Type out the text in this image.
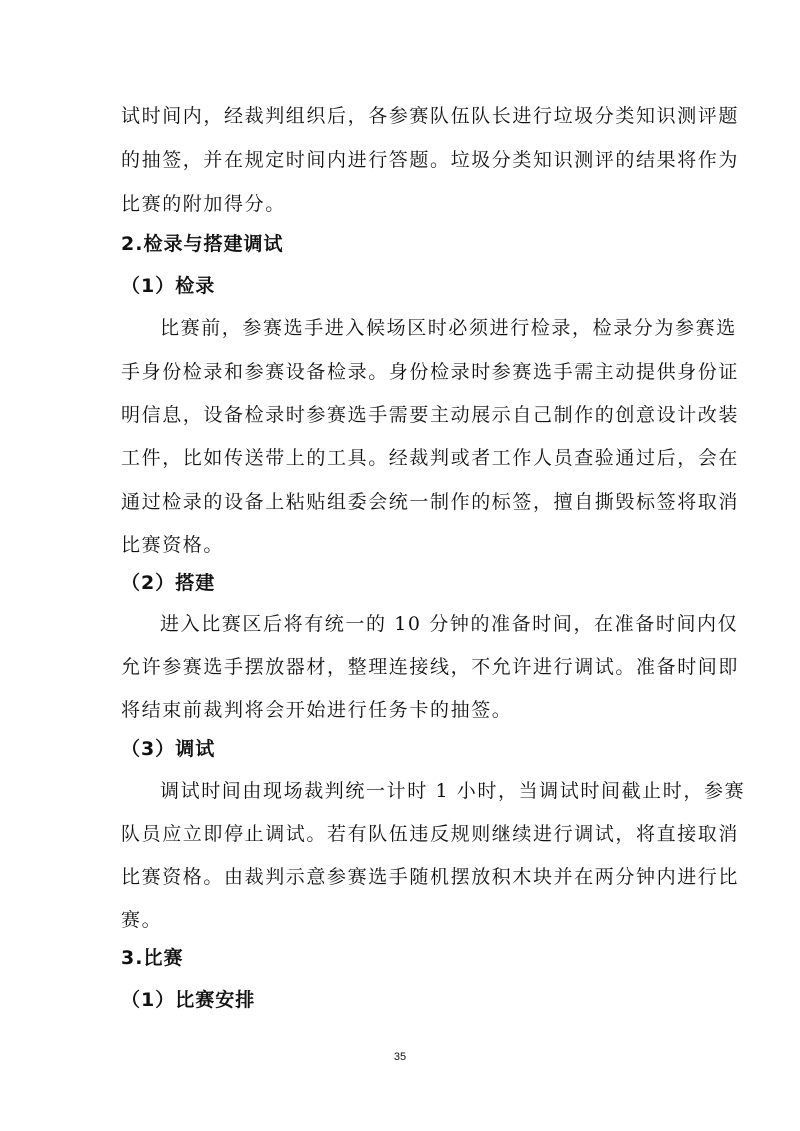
试时间内，经裁判组织后，各参赛队伍队长进行垃圾分类知识测评题
的抽签，并在规定时间内进行答题。垃圾分类知识测评的结果将作为
比赛的附加得分。
2.检录与搭建调试
（1）检录
比赛前，参赛选手进入候场区时必须进行检录，检录分为参赛选
手身份检录和参赛设备检录。身份检录时参赛选手需主动提供身份证
明信息，设备检录时参赛选手需要主动展示自己制作的创意设计改装
工件，比如传送带上的工具。经裁判或者工作人员查验通过后，会在
通过检录的设备上粘贴组委会统一制作的标签，擅自撕毁标签将取消
比赛资格。
（2）搭建
进入比赛区后将有统一的 10 分钟的准备时间，在准备时间内仅
允许参赛选手摆放器材，整理连接线，不允许进行调试。准备时间即
将结束前裁判将会开始进行任务卡的抽签。
（3）调试
调试时间由现场裁判统一计时 1 小时，当调试时间截止时，参赛
队员应立即停止调试。若有队伍违反规则继续进行调试，将直接取消
比赛资格。由裁判示意参赛选手随机摆放积木块并在两分钟内进行比
赛。
3.比赛
（1）比赛安排
35
